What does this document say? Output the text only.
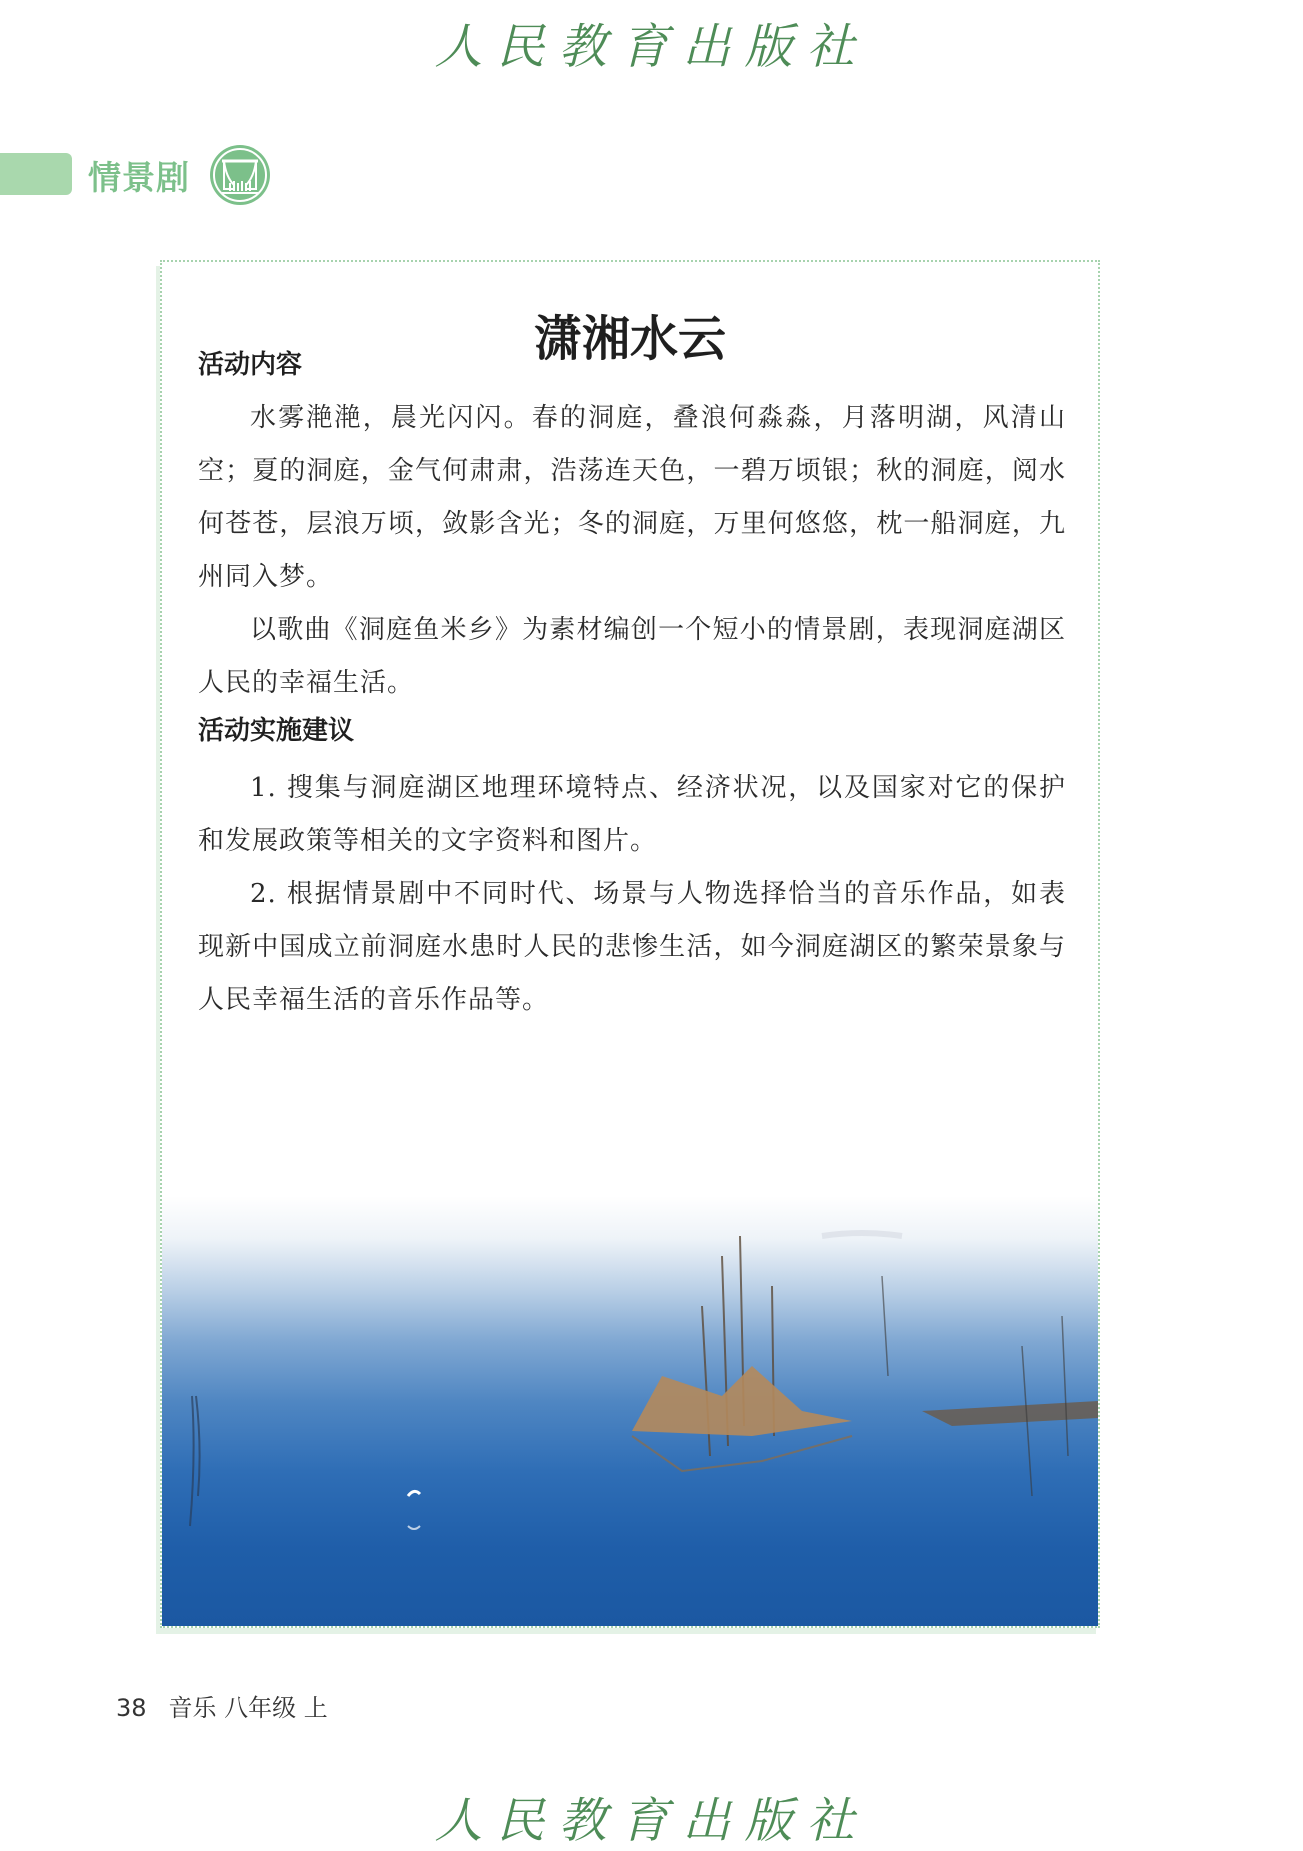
人民教育出版社
情景剧
潇湘水云
活动内容

水雾滟滟，晨光闪闪。春的洞庭，叠浪何淼淼，月落明湖，风清山空；夏的洞庭，金气何肃肃，浩荡连天色，一碧万顷银；秋的洞庭，阅水何苍苍，层浪万顷，敛影含光；冬的洞庭，万里何悠悠，枕一船洞庭，九州同入梦。

以歌曲《洞庭鱼米乡》为素材编创一个短小的情景剧，表现洞庭湖区人民的幸福生活。

活动实施建议

1. 搜集与洞庭湖区地理环境特点、经济状况，以及国家对它的保护和发展政策等相关的文字资料和图片。

2. 根据情景剧中不同时代、场景与人物选择恰当的音乐作品，如表现新中国成立前洞庭水患时人民的悲惨生活，如今洞庭湖区的繁荣景象与人民幸福生活的音乐作品等。

38 音乐 八年级 上
人民教育出版社
